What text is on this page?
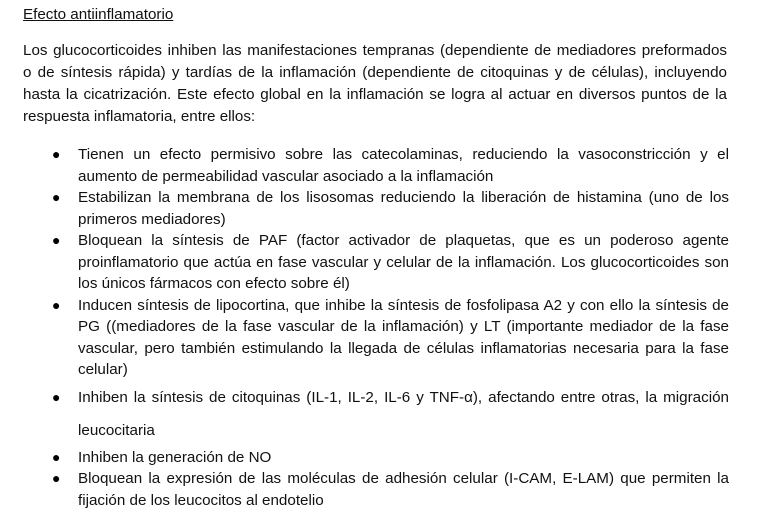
Efecto antiinflamatorio

Los glucocorticoides inhiben las manifestaciones tempranas (dependiente de mediadores preformados o de síntesis rápida) y tardías de la inflamación (dependiente de citoquinas y de células), incluyendo hasta la cicatrización. Este efecto global en la inflamación se logra al actuar en diversos puntos de la respuesta inflamatoria, entre ellos:

● Tienen un efecto permisivo sobre las catecolaminas, reduciendo la vasoconstricción y el aumento de permeabilidad vascular asociado a la inflamación
● Estabilizan la membrana de los lisosomas reduciendo la liberación de histamina (uno de los primeros mediadores)
● Bloquean la síntesis de PAF (factor activador de plaquetas, que es un poderoso agente proinflamatorio que actúa en fase vascular y celular de la inflamación. Los glucocorticoides son los únicos fármacos con efecto sobre él)
● Inducen síntesis de lipocortina, que inhibe la síntesis de fosfolipasa A2 y con ello la síntesis de PG ((mediadores de la fase vascular de la inflamación) y LT (importante mediador de la fase vascular, pero también estimulando la llegada de células inflamatorias necesaria para la fase celular)
● Inhiben la síntesis de citoquinas (IL-1, IL-2, IL-6 y TNF-α), afectando entre otras, la migración leucocitaria
● Inhiben la generación de NO
● Bloquean la expresión de las moléculas de adhesión celular (I-CAM, E-LAM) que permiten la fijación de los leucocitos al endotelio
